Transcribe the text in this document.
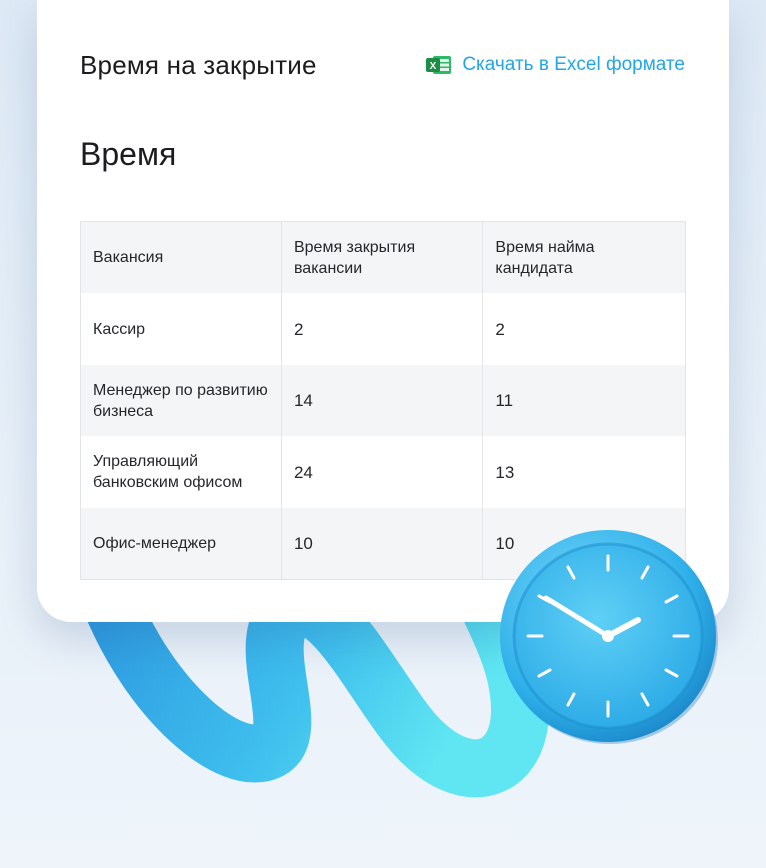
Время на закрытие	X Скачать в Excel формате
Время
Вакансия	Время закрытия вакансии	Время найма кандидата
Кассир	2	2
Менеджер по развитию бизнеса	14	11
Управляющий банковским офисом	24	13
Офис-менеджер	10	10
